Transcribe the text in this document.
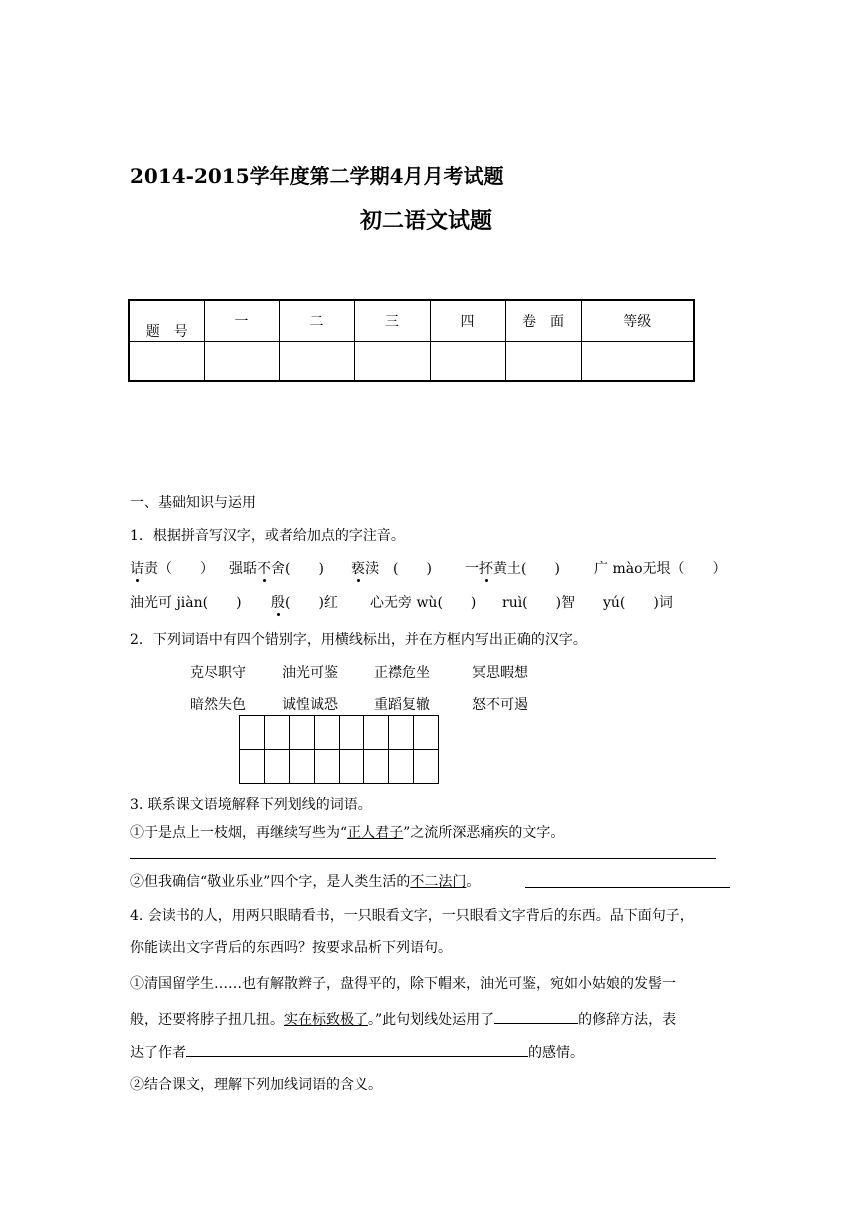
2014-2015学年度第二学期4月月考试题
初二语文试题
题　号	一	二	三	四	卷　面	等级

一、基础知识与运用
1．根据拼音写汉字，或者给加点的字注音。
诘责（　　） 强聒不舍(　　) 亵渎　(　　) 一抔黄土(　　) 广 mào无垠（　　）
油光可 jiàn(　　) 殷(　　)红 心无旁 wù(　　) ruì(　　)智 yú(　　)词
2．下列词语中有四个错别字，用横线标出，并在方框内写出正确的汉字。
克尽职守	油光可鉴	正襟危坐	冥思暇想
暗然失色	诚惶诚恐	重蹈复辙	怒不可遏

3. 联系课文语境解释下列划线的词语。
①于是点上一枝烟，再继续写些为“正人君子”之流所深恶痛疾的文字。
②但我确信“敬业乐业”四个字，是人类生活的不二法门。
4. 会读书的人，用两只眼睛看书，一只眼看文字，一只眼看文字背后的东西。品下面句子，
你能读出文字背后的东西吗？按要求品析下列语句。
①清国留学生……也有解散辫子，盘得平的，除下帽来，油光可鉴，宛如小姑娘的发髻一
般，还要将脖子扭几扭。实在标致极了。”此句划线处运用了	的修辞方法，表
达了作者	的感情。
②结合课文，理解下列加线词语的含义。
